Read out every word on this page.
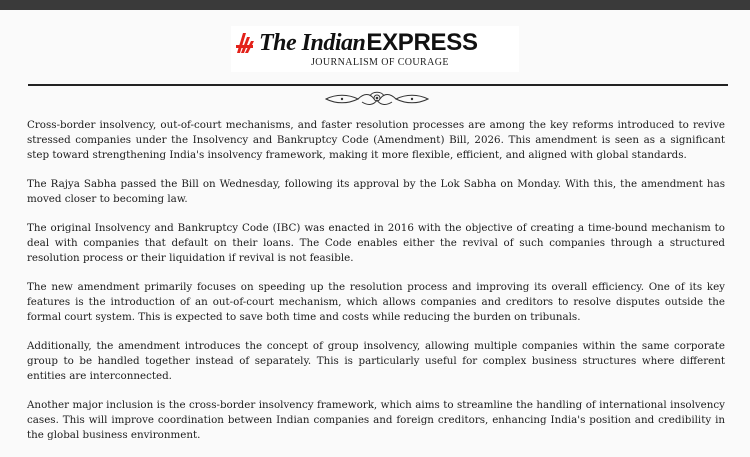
The Indian EXPRESS
JOURNALISM OF COURAGE

Cross-border insolvency, out-of-court mechanisms, and faster resolution processes are among the key reforms introduced to revive stressed companies under the Insolvency and Bankruptcy Code (Amendment) Bill, 2026. This amendment is seen as a significant step toward strengthening India's insolvency framework, making it more flexible, efficient, and aligned with global standards.

The Rajya Sabha passed the Bill on Wednesday, following its approval by the Lok Sabha on Monday. With this, the amendment has moved closer to becoming law.

The original Insolvency and Bankruptcy Code (IBC) was enacted in 2016 with the objective of creating a time-bound mechanism to deal with companies that default on their loans. The Code enables either the revival of such companies through a structured resolution process or their liquidation if revival is not feasible.

The new amendment primarily focuses on speeding up the resolution process and improving its overall efficiency. One of its key features is the introduction of an out-of-court mechanism, which allows companies and creditors to resolve disputes outside the formal court system. This is expected to save both time and costs while reducing the burden on tribunals.

Additionally, the amendment introduces the concept of group insolvency, allowing multiple companies within the same corporate group to be handled together instead of separately. This is particularly useful for complex business structures where different entities are interconnected.

Another major inclusion is the cross-border insolvency framework, which aims to streamline the handling of international insolvency cases. This will improve coordination between Indian companies and foreign creditors, enhancing India's position and credibility in the global business environment.
